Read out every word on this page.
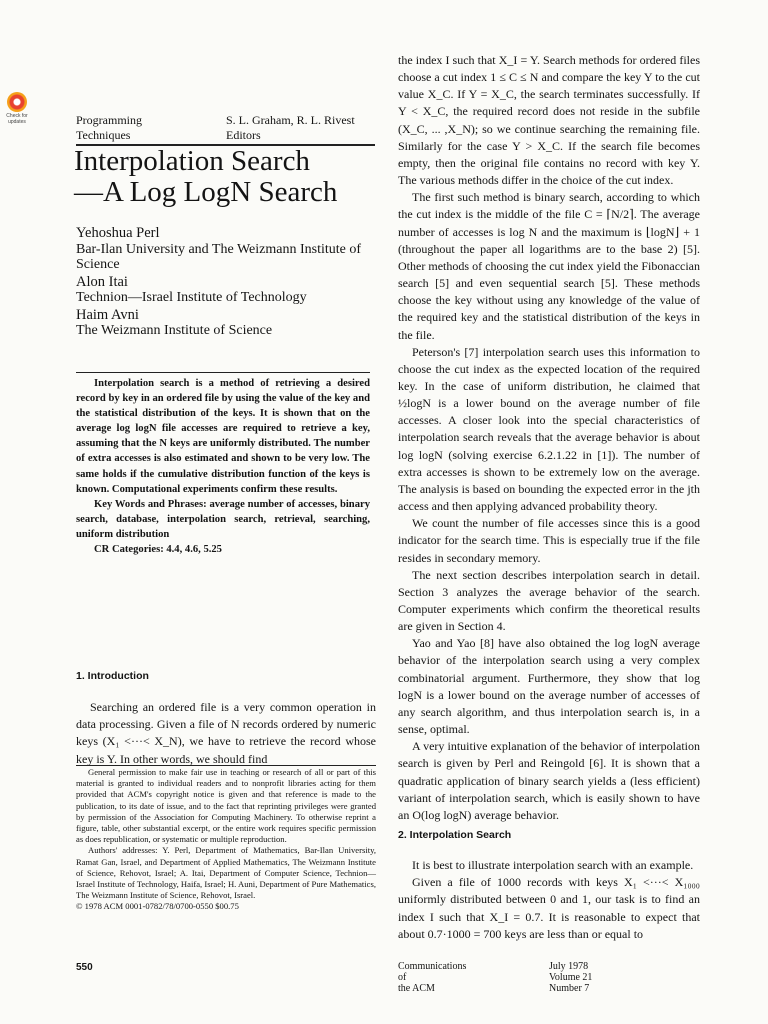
Check for updates	Programming
Techniques
S. L. Graham, R. L. Rivest
Editors
Interpolation Search
—A Log LogN Search
Yehoshua Perl
Bar-Ilan University and The Weizmann Institute of Science
Alon Itai
Technion—Israel Institute of Technology
Haim Avni
The Weizmann Institute of Science

Interpolation search is a method of retrieving a desired record by key in an ordered file by using the value of the key and the statistical distribution of the keys. It is shown that on the average log logN file accesses are required to retrieve a key, assuming that the N keys are uniformly distributed. The number of extra accesses is also estimated and shown to be very low. The same holds if the cumulative distribution function of the keys is known. Computational experiments confirm these results.

Key Words and Phrases: average number of accesses, binary search, database, interpolation search, retrieval, searching, uniform distribution

CR Categories: 4.4, 4.6, 5.25

1. Introduction

Searching an ordered file is a very common operation in data processing. Given a file of N records ordered by numeric keys (X₁ <···< X_N), we have to retrieve the record whose key is Y. In other words, we should find

General permission to make fair use in teaching or research of all or part of this material is granted to individual readers and to nonprofit libraries acting for them provided that ACM's copyright notice is given and that reference is made to the publication, to its date of issue, and to the fact that reprinting privileges were granted by permission of the Association for Computing Machinery. To otherwise reprint a figure, table, other substantial excerpt, or the entire work requires specific permission as does republication, or systematic or multiple reproduction.

Authors' addresses: Y. Perl, Department of Mathematics, Bar-Ilan University, Ramat Gan, Israel, and Department of Applied Mathematics, The Weizmann Institute of Science, Rehovot, Israel; A. Itai, Department of Computer Science, Technion—Israel Institute of Technology, Haifa, Israel; H. Auni, Department of Pure Mathematics, The Weizmann Institute of Science, Rehovot, Israel.

© 1978 ACM 0001-0782/78/0700-0550 $00.75
550

the index I such that X_I = Y. Search methods for ordered files choose a cut index 1 ≤ C ≤ N and compare the key Y to the cut value X_C. If Y = X_C, the search terminates successfully. If Y < X_C, the required record does not reside in the subfile (X_C, ... ,X_N); so we continue searching the remaining file. Similarly for the case Y > X_C. If the search file becomes empty, then the original file contains no record with key Y. The various methods differ in the choice of the cut index.

The first such method is binary search, according to which the cut index is the middle of the file C = ⌈N/2⌉. The average number of accesses is log N and the maximum is ⌊logN⌋ + 1 (throughout the paper all logarithms are to the base 2) [5]. Other methods of choosing the cut index yield the Fibonaccian search [5] and even sequential search [5]. These methods choose the key without using any knowledge of the value of the required key and the statistical distribution of the keys in the file.

Peterson's [7] interpolation search uses this information to choose the cut index as the expected location of the required key. In the case of uniform distribution, he claimed that ½logN is a lower bound on the average number of file accesses. A closer look into the special characteristics of interpolation search reveals that the average behavior is about log logN (solving exercise 6.2.1.22 in [1]). The number of extra accesses is shown to be extremely low on the average. The analysis is based on bounding the expected error in the jth access and then applying advanced probability theory.

We count the number of file accesses since this is a good indicator for the search time. This is especially true if the file resides in secondary memory.

The next section describes interpolation search in detail. Section 3 analyzes the average behavior of the search. Computer experiments which confirm the theoretical results are given in Section 4.

Yao and Yao [8] have also obtained the log logN average behavior of the interpolation search using a very complex combinatorial argument. Furthermore, they show that log logN is a lower bound on the average number of accesses of any search algorithm, and thus interpolation search is, in a sense, optimal.

A very intuitive explanation of the behavior of interpolation search is given by Perl and Reingold [6]. It is shown that a quadratic application of binary search yields a (less efficient) variant of interpolation search, which is easily shown to have an O(log logN) average behavior.

2. Interpolation Search

It is best to illustrate interpolation search with an example.

Given a file of 1000 records with keys X₁ <···< X₁₀₀₀ uniformly distributed between 0 and 1, our task is to find an index I such that X_I = 0.7. It is reasonable to expect that about 0.7·1000 = 700 keys are less than or equal to

Communications
of
the ACM
July 1978
Volume 21
Number 7
